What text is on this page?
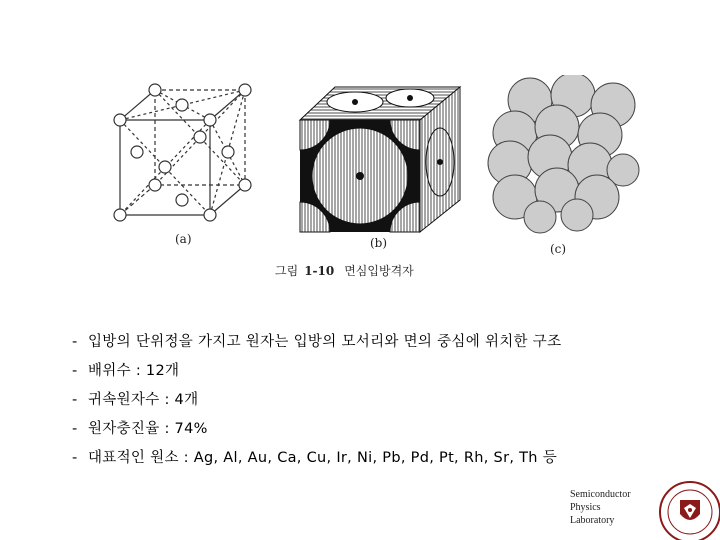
(a)	(b)	(c)
그림 1-10 면심입방격자
- 입방의 단위정을 가지고 원자는 입방의 모서리와 면의 중심에 위치한 구조
- 배위수 : 12개
- 귀속원자수 : 4개
- 원자충진율 : 74%
- 대표적인 원소 : Ag, Al, Au, Ca, Cu, Ir, Ni, Pb, Pd, Pt, Rh, Sr, Th 등
Semiconductor
Physics
Laboratory
